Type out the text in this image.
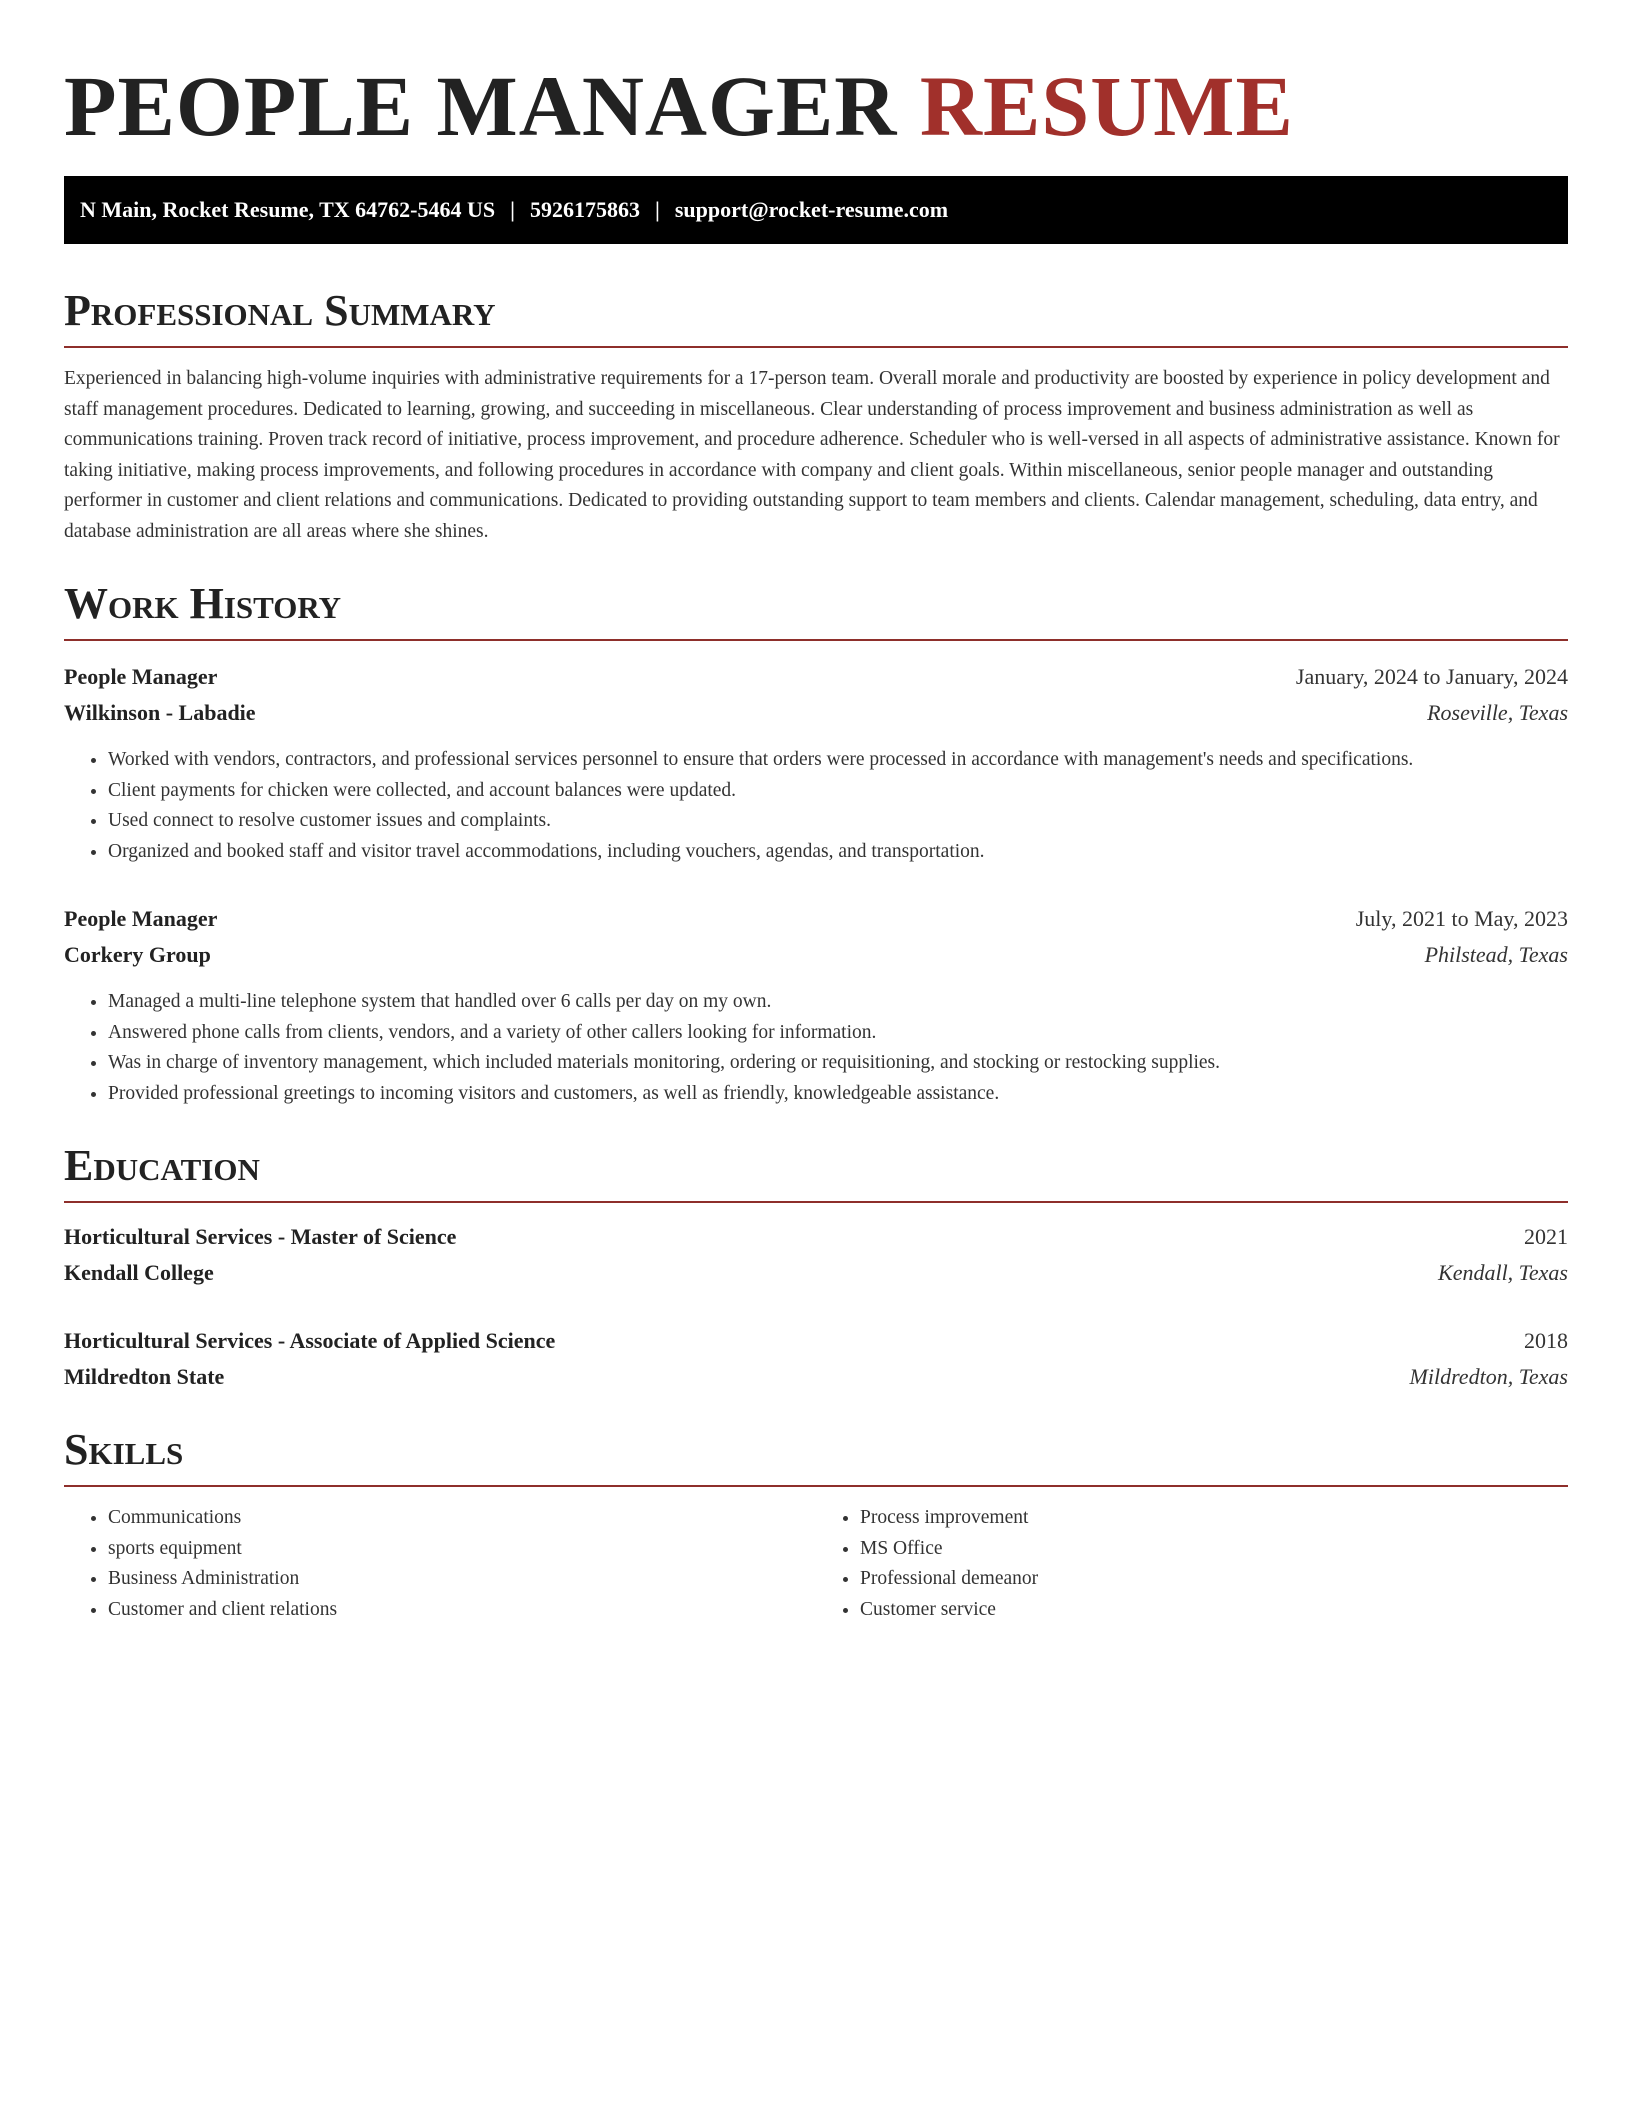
PEOPLE MANAGER RESUME
N Main, Rocket Resume, TX 64762-5464 US | 5926175863 | support@rocket-resume.com
Professional Summary

Experienced in balancing high-volume inquiries with administrative requirements for a 17-person team. Overall morale and productivity are boosted by experience in policy development and staff management procedures. Dedicated to learning, growing, and succeeding in miscellaneous. Clear understanding of process improvement and business administration as well as communications training. Proven track record of initiative, process improvement, and procedure adherence. Scheduler who is well-versed in all aspects of administrative assistance. Known for taking initiative, making process improvements, and following procedures in accordance with company and client goals. Within miscellaneous, senior people manager and outstanding performer in customer and client relations and communications. Dedicated to providing outstanding support to team members and clients. Calendar management, scheduling, data entry, and database administration are all areas where she shines.

Work History
People Manager	January, 2024 to January, 2024
Wilkinson - Labadie	Roseville, Texas
• Worked with vendors, contractors, and professional services personnel to ensure that orders were processed in accordance with management's needs and specifications.
• Client payments for chicken were collected, and account balances were updated.
• Used connect to resolve customer issues and complaints.
• Organized and booked staff and visitor travel accommodations, including vouchers, agendas, and transportation.
People Manager	July, 2021 to May, 2023
Corkery Group	Philstead, Texas
• Managed a multi-line telephone system that handled over 6 calls per day on my own.
• Answered phone calls from clients, vendors, and a variety of other callers looking for information.
• Was in charge of inventory management, which included materials monitoring, ordering or requisitioning, and stocking or restocking supplies.
• Provided professional greetings to incoming visitors and customers, as well as friendly, knowledgeable assistance.
Education
Horticultural Services - Master of Science	2021
Kendall College	Kendall, Texas
Horticultural Services - Associate of Applied Science	2018
Mildredton State	Mildredton, Texas
Skills
• Communications
• sports equipment
• Business Administration
• Customer and client relations
• Process improvement
• MS Office
• Professional demeanor
• Customer service
